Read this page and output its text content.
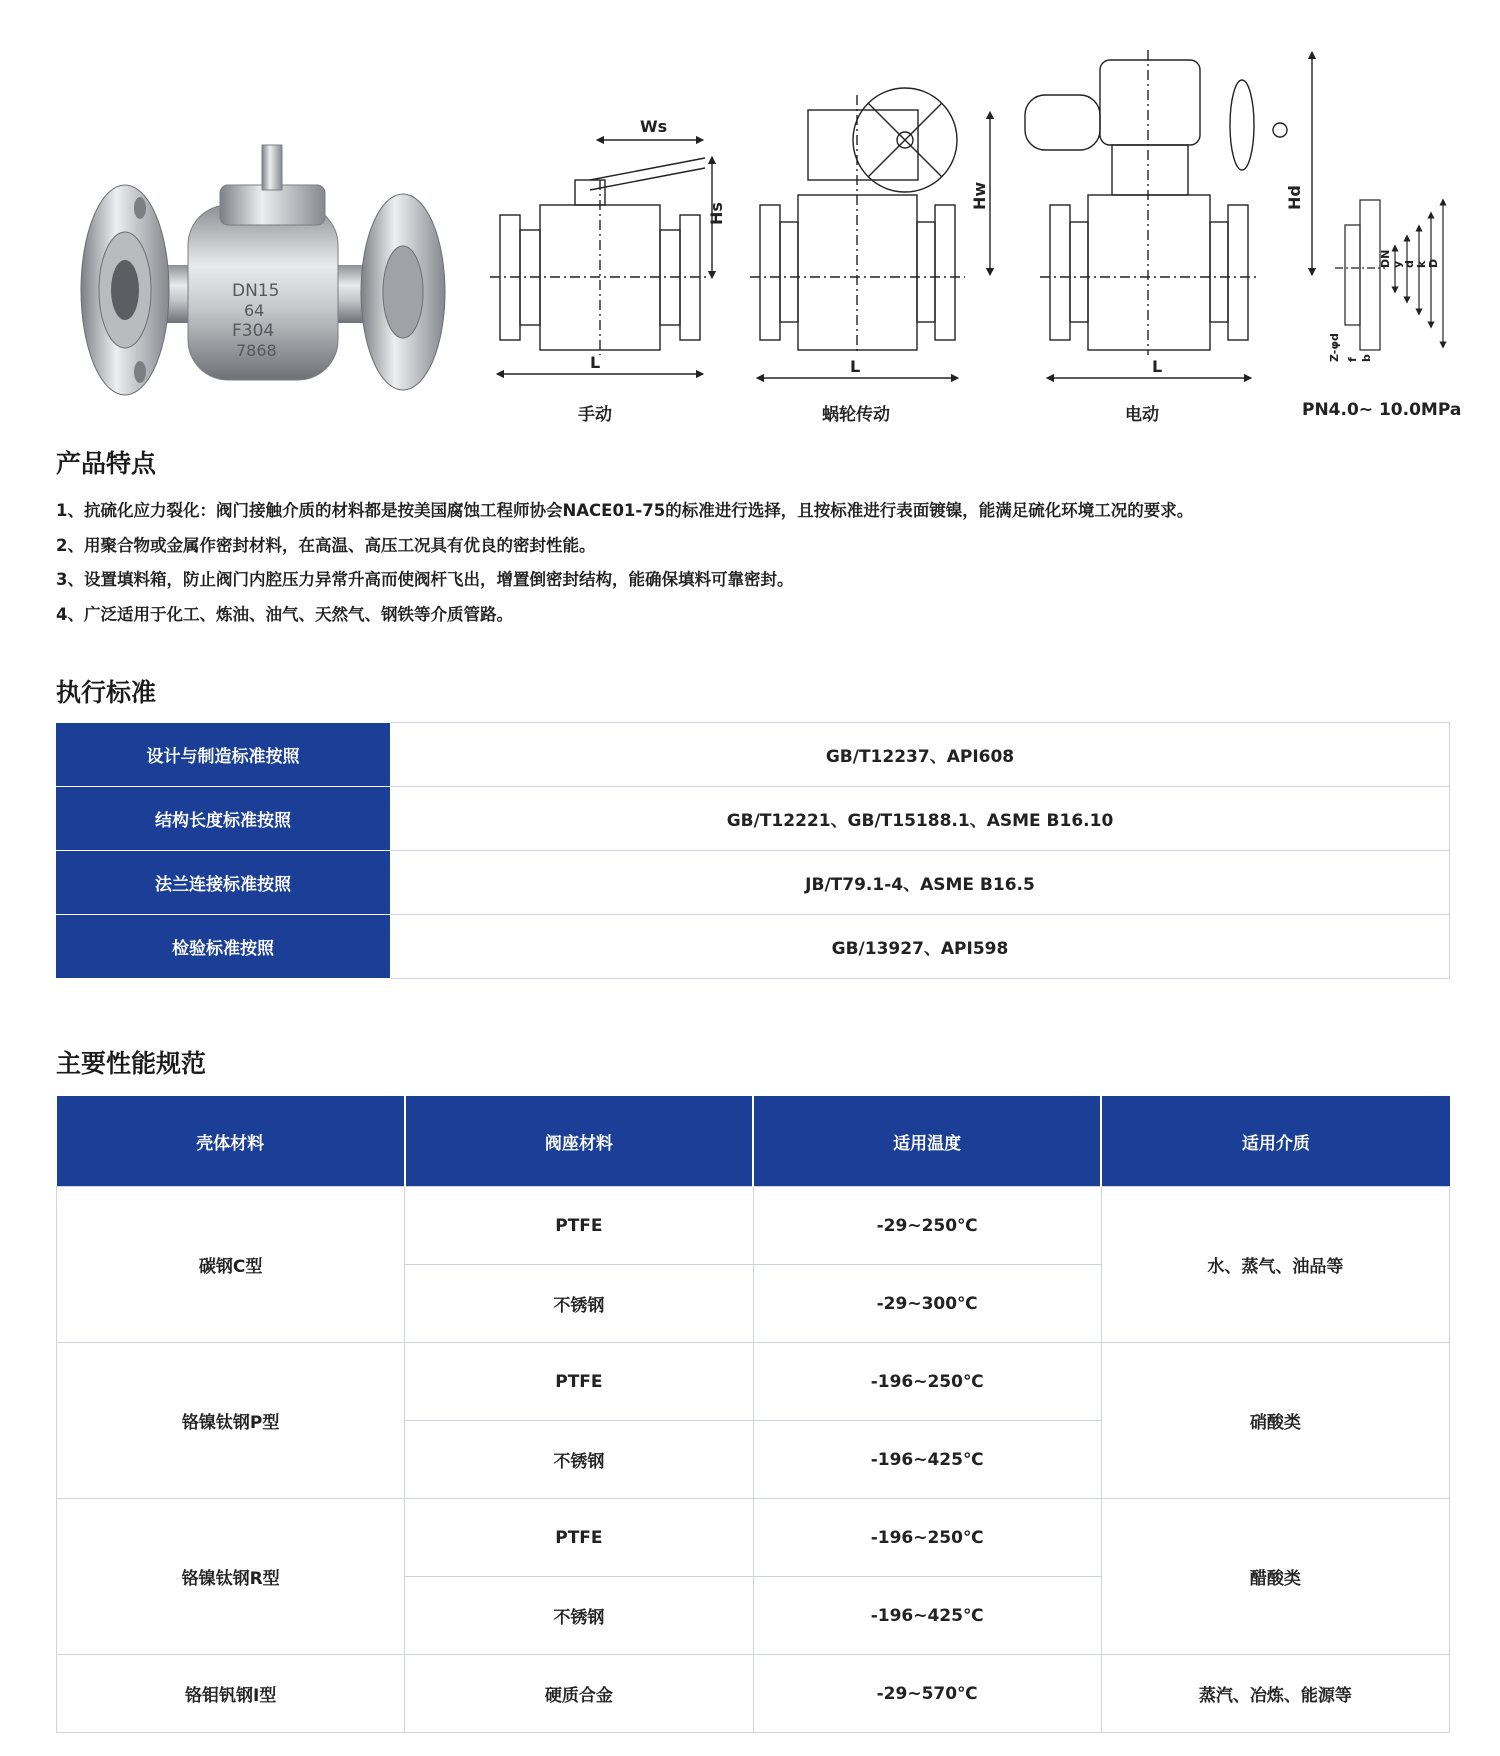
DN15
64
F304
7868
Ws
Hs
L	L
Hw
L
Hd
DN y d k D
Z-φd f b
手动	蜗轮传动	电动	PN4.0~ 10.0MPa
产品特点
1、抗硫化应力裂化：阀门接触介质的材料都是按美国腐蚀工程师协会NACE01-75的标准进行选择，且按标准进行表面镀镍，能满足硫化环境工况的要求。
2、用聚合物或金属作密封材料，在高温、高压工况具有优良的密封性能。
3、设置填料箱，防止阀门内腔压力异常升高而使阀杆飞出，增置倒密封结构，能确保填料可靠密封。
4、广泛适用于化工、炼油、油气、天然气、钢铁等介质管路。
执行标准
设计与制造标准按照	GB/T12237、API608
结构长度标准按照	GB/T12221、GB/T15188.1、ASME B16.10
法兰连接标准按照	JB/T79.1-4、ASME B16.5
检验标准按照	GB/13927、API598
主要性能规范
壳体材料	阀座材料	适用温度	适用介质
碳钢C型	PTFE	-29~250℃	水、蒸气、油品等
	不锈钢	-29~300℃	
铬镍钛钢P型	PTFE	-196~250℃	硝酸类
	不锈钢	-196~425℃	
铬镍钛钢R型	PTFE	-196~250℃	醋酸类
	不锈钢	-196~425℃	
铬钼钒钢I型	硬质合金	-29~570℃	蒸汽、冶炼、能源等
